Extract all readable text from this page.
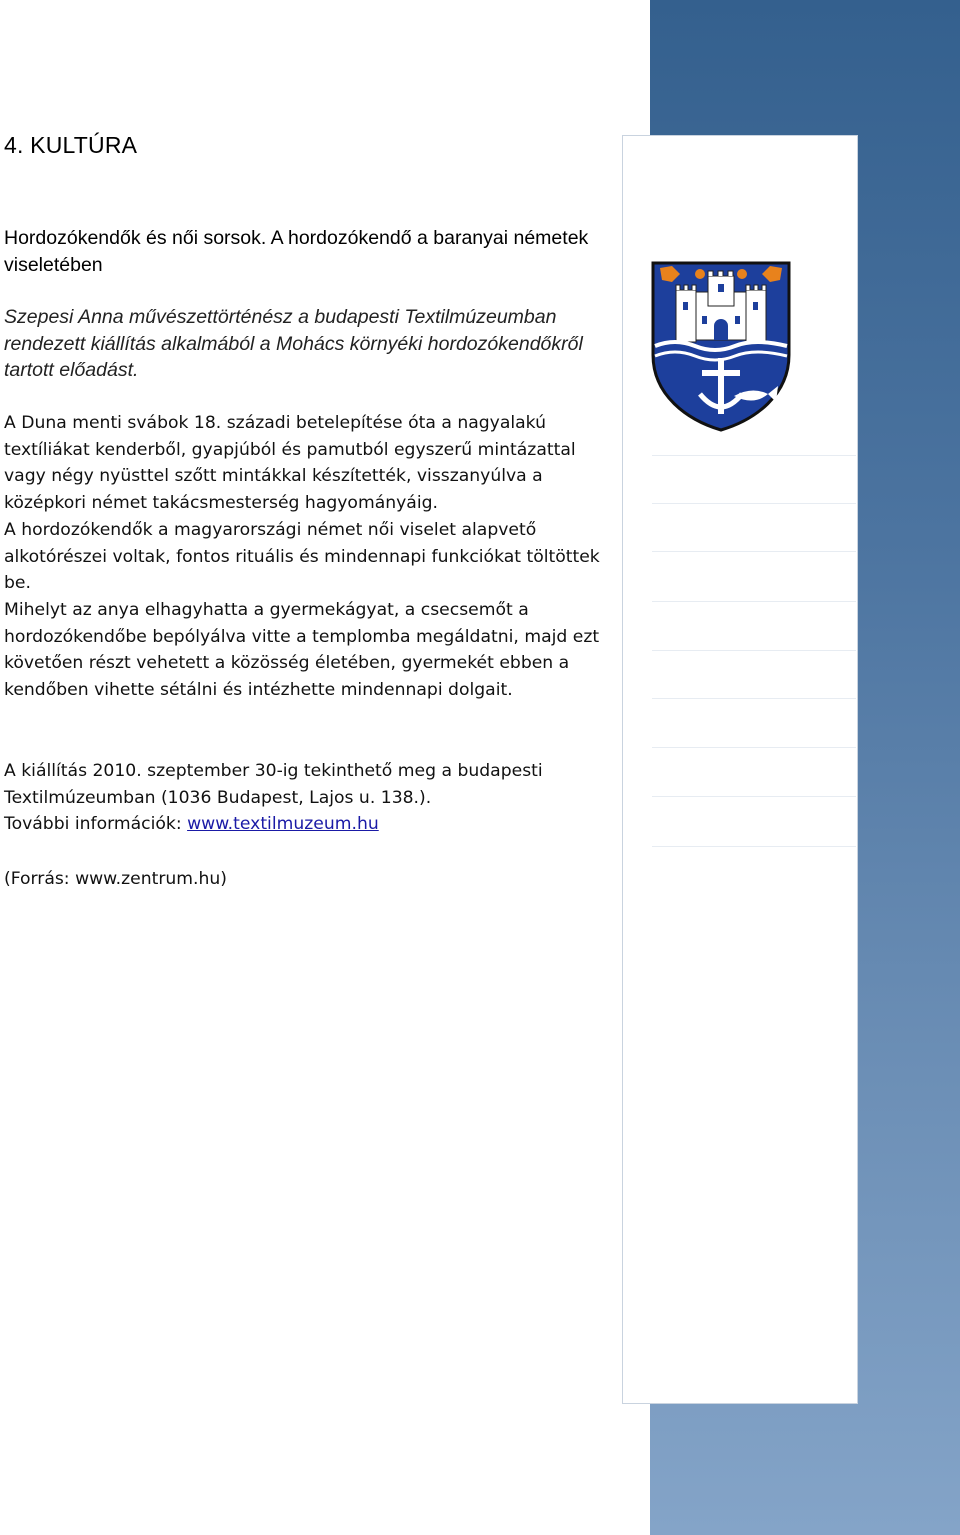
4. KULTÚRA
Hordozókendők és női sorsok. A hordozókendő a baranyai németek viseletében

Szepesi Anna művészettörténész a budapesti Textilmúzeumban rendezett kiállítás alkalmából a Mohács környéki hordozókendőkről tartott előadást.

A Duna menti svábok 18. századi betelepítése óta a nagyalakú textíliákat kenderből, gyapjúból és pamutból egyszerű mintázattal vagy négy nyüsttel szőtt mintákkal készítették, visszanyúlva a középkori német takácsmesterség hagyományáig.
A hordozókendők a magyarországi német női viselet alapvető alkotórészei voltak, fontos rituális és mindennapi funkciókat töltöttek be.
Mihelyt az anya elhagyhatta a gyermekágyat, a csecsemőt a hordozókendőbe bepólyálva vitte a templomba megáldatni, majd ezt követően részt vehetett a közösség életében, gyermekét ebben a kendőben vihette sétálni és intézhette mindennapi dolgait.

A kiállítás 2010. szeptember 30-ig tekinthető meg a budapesti Textilmúzeumban (1036 Budapest, Lajos u. 138.).
További információk: www.textilmuzeum.hu

(Forrás: www.zentrum.hu)
